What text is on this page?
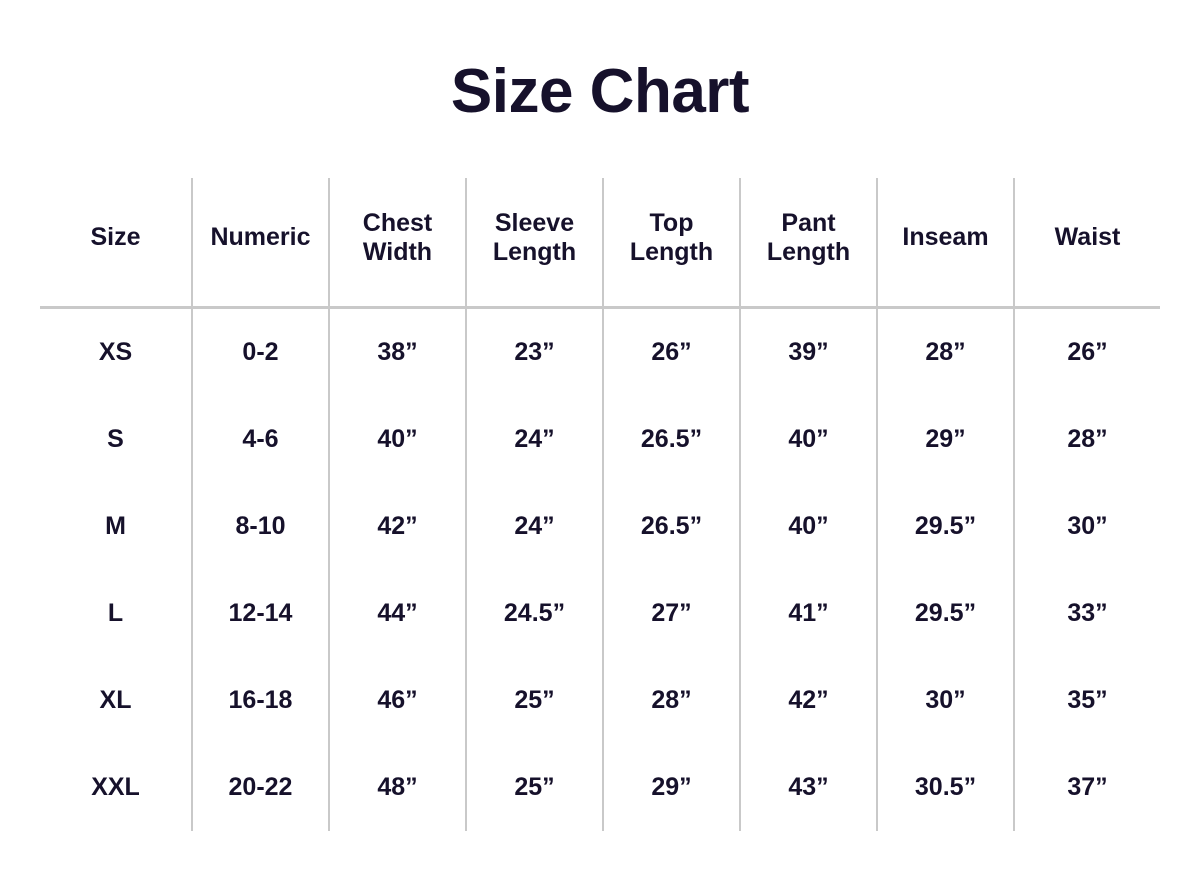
Size Chart
Size	Numeric	Chest Width	Sleeve Length	Top Length	Pant Length	Inseam	Waist
XS	0-2	38”	23”	26”	39”	28”	26”
S	4-6	40”	24”	26.5”	40”	29”	28”
M	8-10	42”	24”	26.5”	40”	29.5”	30”
L	12-14	44”	24.5”	27”	41”	29.5”	33”
XL	16-18	46”	25”	28”	42”	30”	35”
XXL	20-22	48”	25”	29”	43”	30.5”	37”
